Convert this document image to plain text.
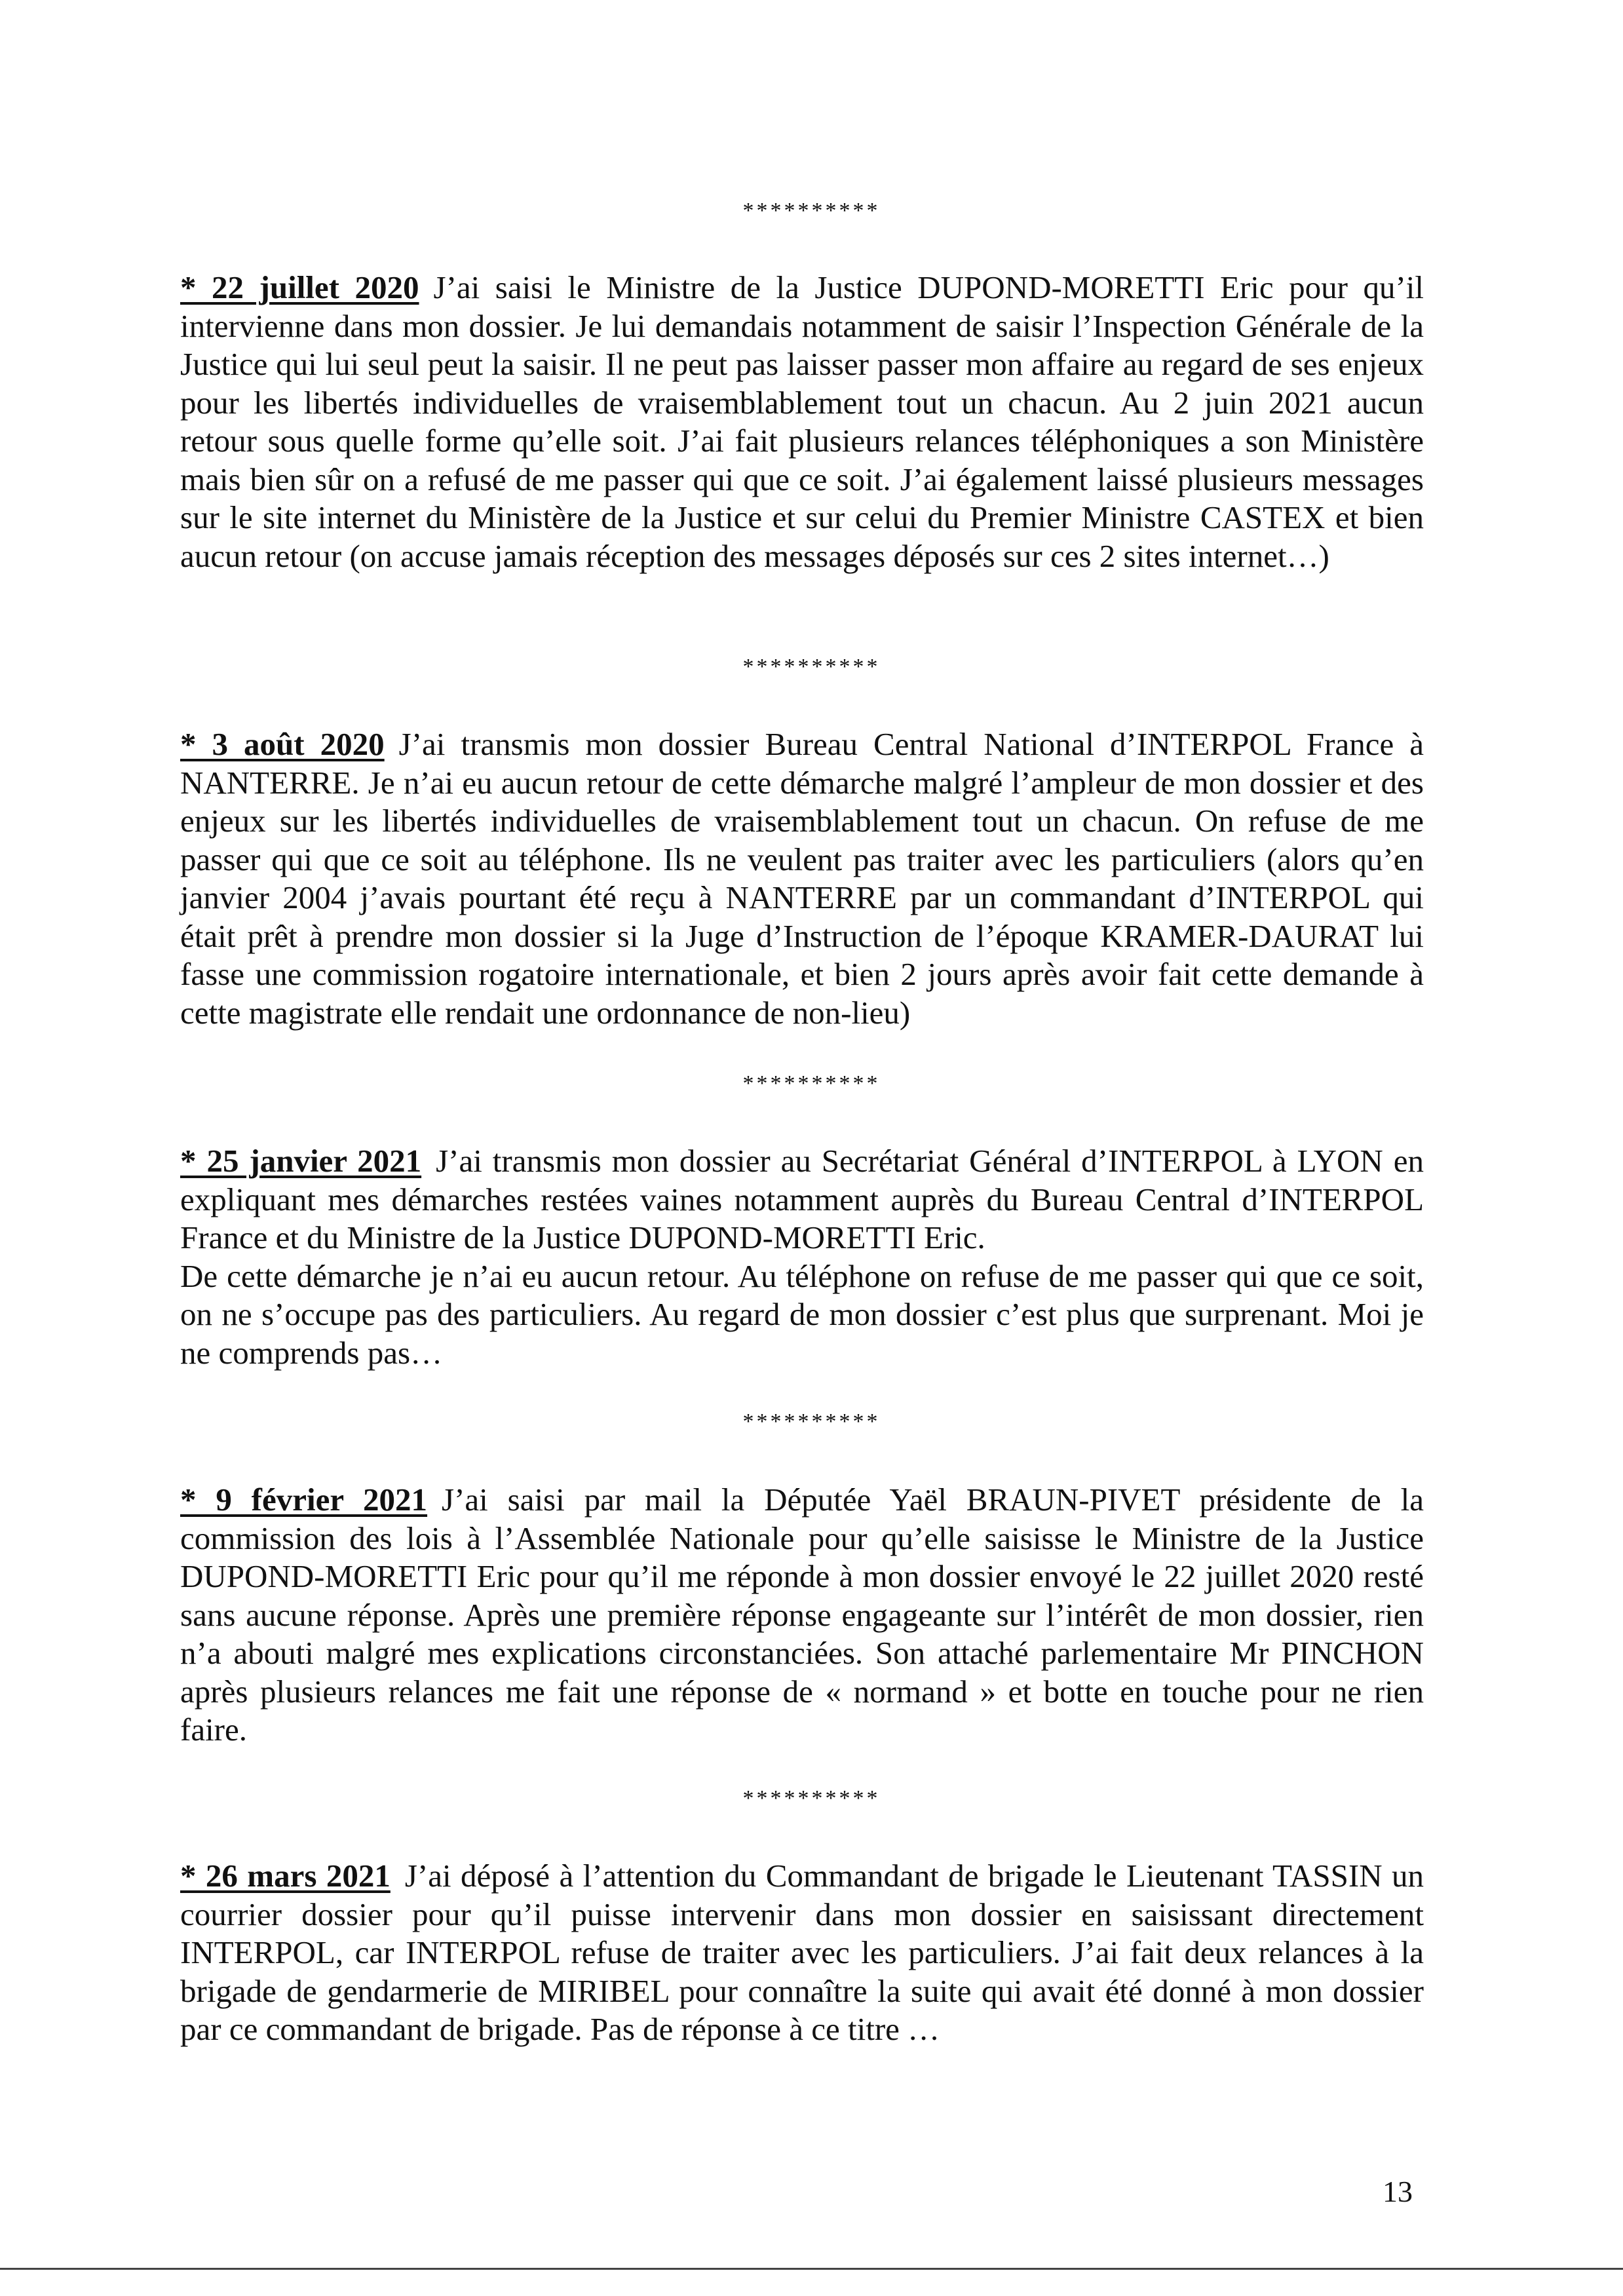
**********

* 22 juillet 2020 J’ai saisi le Ministre de la Justice DUPOND-MORETTI Eric pour qu’il intervienne dans mon dossier. Je lui demandais notamment de saisir l’Inspection Générale de la Justice qui lui seul peut la saisir. Il ne peut pas laisser passer mon affaire au regard de ses enjeux pour les libertés individuelles de vraisemblablement tout un chacun. Au 2 juin 2021 aucun retour sous quelle forme qu’elle soit. J’ai fait plusieurs relances téléphoniques a son Ministère mais bien sûr on a refusé de me passer qui que ce soit. J’ai également laissé plusieurs messages sur le site internet du Ministère de la Justice et sur celui du Premier Ministre CASTEX et bien aucun retour (on accuse jamais réception des messages déposés sur ces 2 sites internet…)

**********

* 3 août 2020 J’ai transmis mon dossier Bureau Central National d’INTERPOL France à NANTERRE. Je n’ai eu aucun retour de cette démarche malgré l’ampleur de mon dossier et des enjeux sur les libertés individuelles de vraisemblablement tout un chacun. On refuse de me passer qui que ce soit au téléphone. Ils ne veulent pas traiter avec les particuliers (alors qu’en janvier 2004 j’avais pourtant été reçu à NANTERRE par un commandant d’INTERPOL qui était prêt à prendre mon dossier si la Juge d’Instruction de l’époque KRAMER-DAURAT lui fasse une commission rogatoire internationale, et bien 2 jours après avoir fait cette demande à cette magistrate elle rendait une ordonnance de non-lieu)

**********

* 25 janvier 2021 J’ai transmis mon dossier au Secrétariat Général d’INTERPOL à LYON en expliquant mes démarches restées vaines notamment auprès du Bureau Central d’INTERPOL France et du Ministre de la Justice DUPOND-MORETTI Eric.

De cette démarche je n’ai eu aucun retour. Au téléphone on refuse de me passer qui que ce soit, on ne s’occupe pas des particuliers. Au regard de mon dossier c’est plus que surprenant. Moi je ne comprends pas…

**********

* 9 février 2021 J’ai saisi par mail la Députée Yaël BRAUN-PIVET présidente de la commission des lois à l’Assemblée Nationale pour qu’elle saisisse le Ministre de la Justice DUPOND-MORETTI Eric pour qu’il me réponde à mon dossier envoyé le 22 juillet 2020 resté sans aucune réponse. Après une première réponse engageante sur l’intérêt de mon dossier, rien n’a abouti malgré mes explications circonstanciées. Son attaché parlementaire Mr PINCHON après plusieurs relances me fait une réponse de « normand » et botte en touche pour ne rien faire.

**********

* 26 mars 2021 J’ai déposé à l’attention du Commandant de brigade le Lieutenant TASSIN un courrier dossier pour qu’il puisse intervenir dans mon dossier en saisissant directement INTERPOL, car INTERPOL refuse de traiter avec les particuliers. J’ai fait deux relances à la brigade de gendarmerie de MIRIBEL pour connaître la suite qui avait été donné à mon dossier par ce commandant de brigade. Pas de réponse à ce titre …

13
